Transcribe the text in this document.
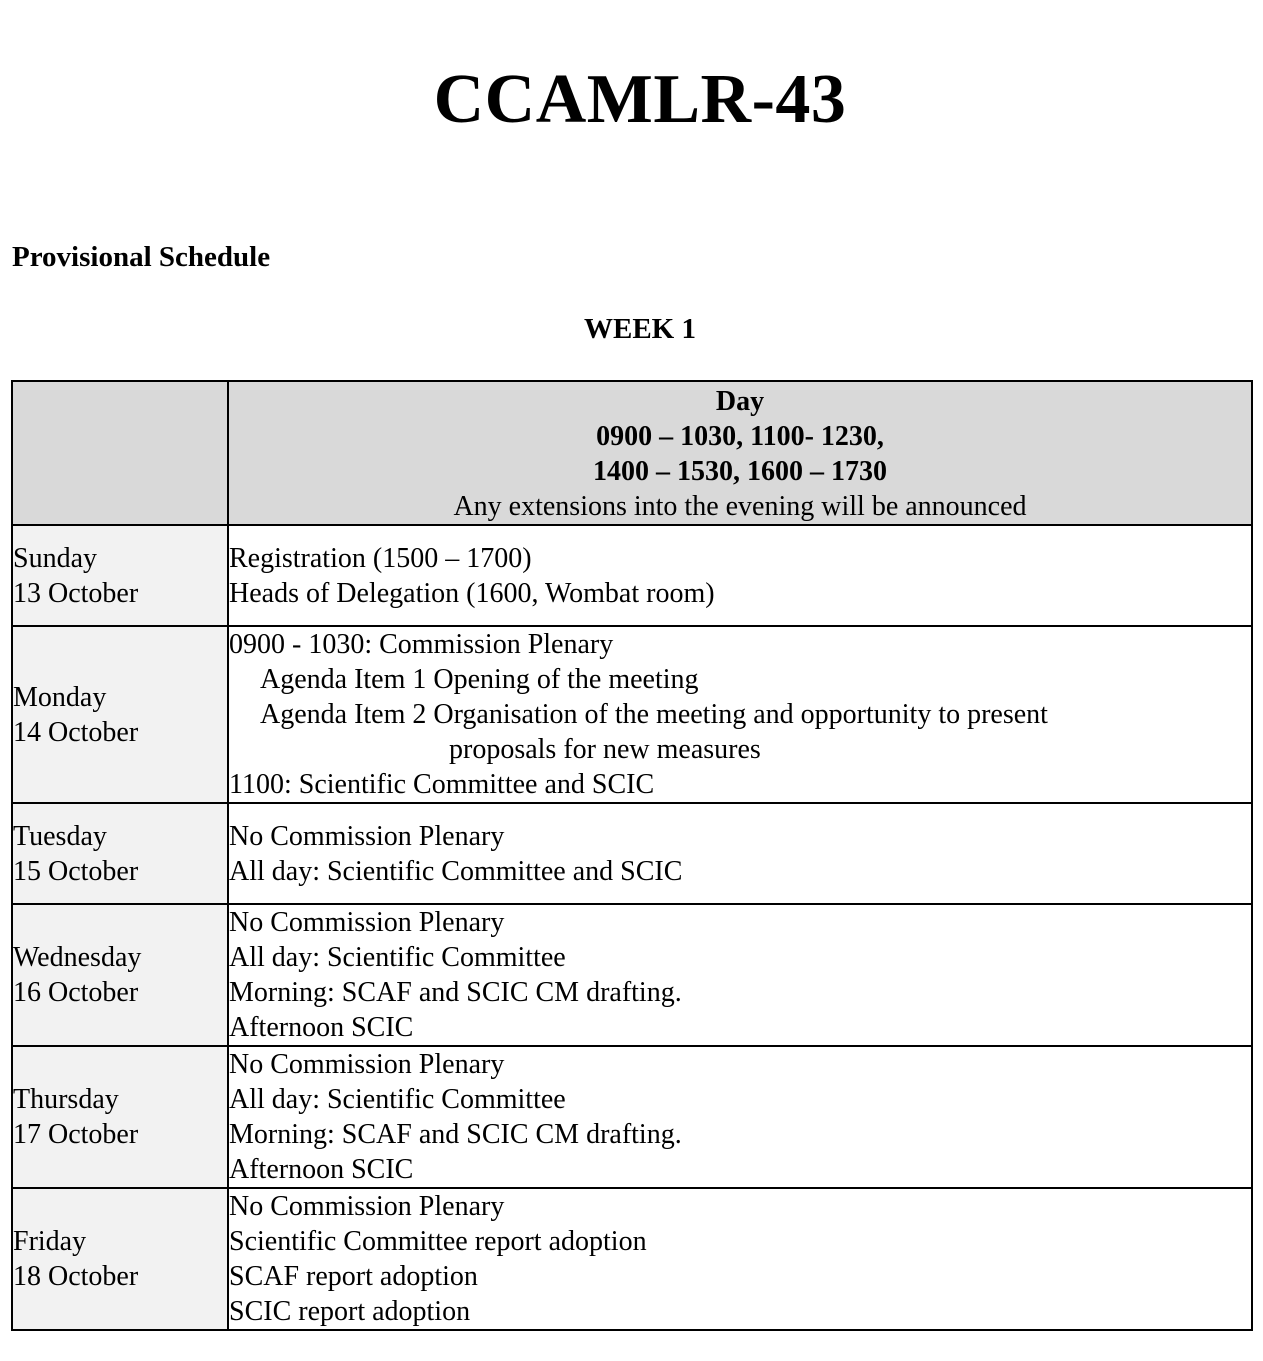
CCAMLR-43
Provisional Schedule
WEEK 1

	Day
0900 – 1030, 1100- 1230,
1400 – 1530, 1600 – 1730
Any extensions into the evening will be announced

Sunday
13 October	Registration (1500 – 1700)
Heads of Delegation (1600, Wombat room)

Monday
14 October	0900 - 1030: Commission Plenary
Agenda Item 1 Opening of the meeting
Agenda Item 2 Organisation of the meeting and opportunity to present
proposals for new measures
1100: Scientific Committee and SCIC

Tuesday
15 October	No Commission Plenary
All day: Scientific Committee and SCIC

Wednesday
16 October	No Commission Plenary
All day: Scientific Committee
Morning: SCAF and SCIC CM drafting.
Afternoon SCIC

Thursday
17 October	No Commission Plenary
All day: Scientific Committee
Morning: SCAF and SCIC CM drafting.
Afternoon SCIC

Friday
18 October	No Commission Plenary
Scientific Committee report adoption
SCAF report adoption
SCIC report adoption
